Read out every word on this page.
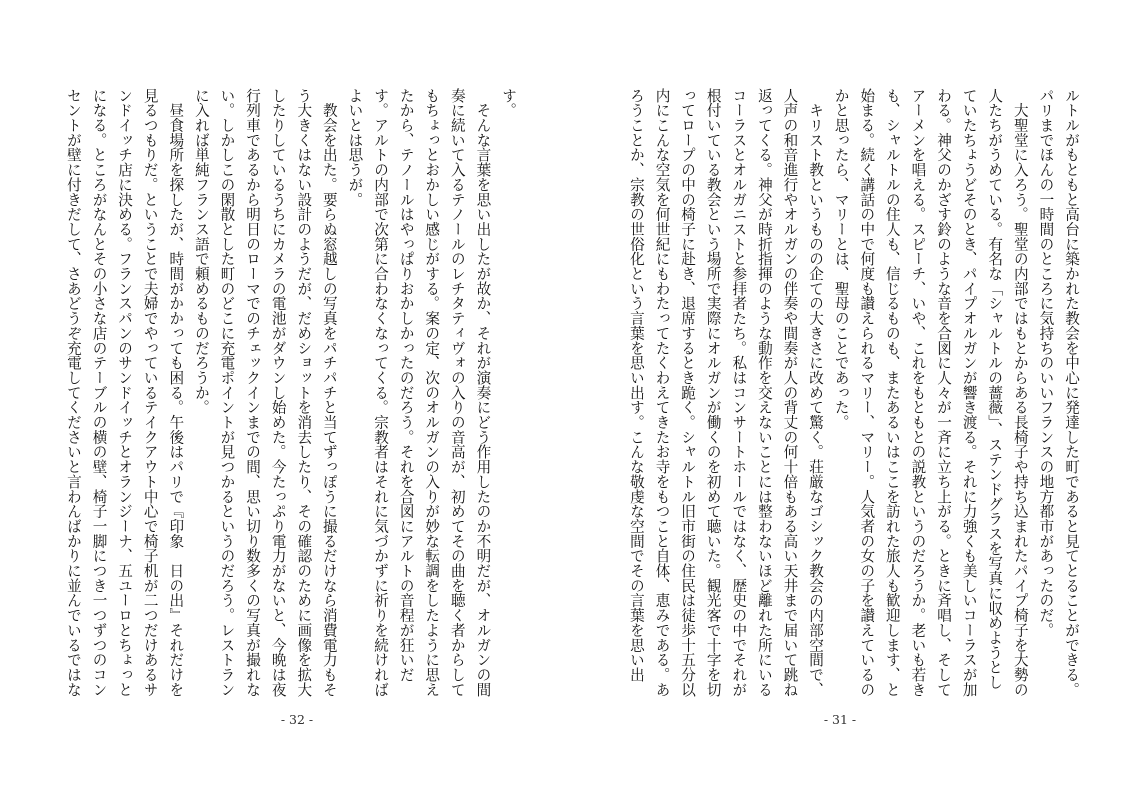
す。

　そんな言葉を思い出したが故か、それが演奏にどう作用したのか不明だが、オルガンの間奏に続いて入るテノールのレチタティヴォの入りの音高が、初めてその曲を聴く者からしてもちょっとおかしい感じがする。案の定、次のオルガンの入りが妙な転調をしたように思えたから、テノールはやっぱりおかしかったのだろう。それを合図にアルトの音程が狂いだす。アルトの内部で次第に合わなくなってくる。宗教者はそれに気づかずに祈りを続ければよいとは思うが。

　教会を出た。要らぬ窓越しの写真をパチパチと当てずっぽうに撮るだけなら消費電力もそう大きくはない設計のようだが、だめショットを消去したり、その確認のために画像を拡大したりしているうちにカメラの電池がダウンし始めた。今たっぷり電力がないと、今晩は夜行列車であるから明日のローマでのチェックインまでの間、思い切り数多くの写真が撮れない。しかしこの閑散とした町のどこに充電ポイントが見つかるというのだろう。レストランに入れば単純フランス語で頼めるものだろうか。

　昼食場所を探したが、時間がかかっても困る。午後はパリで『印象　日の出』それだけを見るつもりだ。ということで夫婦でやっているテイクアウト中心で椅子机が二つだけあるサンドイッチ店に決める。フランスパンのサンドイッチとオランジーナ、五ユーロとちょっとになる。ところがなんとその小さな店のテーブルの横の壁、椅子一脚につき一つずつのコンセントが壁に付きだして、さあどうぞ充電してくださいと言わんばかりに並んでいるではな

- 32 -

ルトルがもともと高台に築かれた教会を中心に発達した町であると見てとることができる。パリまでほんの一時間のところに気持ちのいいフランスの地方都市があったのだ。

　大聖堂に入ろう。聖堂の内部ではもとからある長椅子や持ち込まれたパイプ椅子を大勢の人たちがうめている。有名な「シャルトルの薔薇」、ステンドグラスを写真に収めようとしていたちょうどそのとき、パイプオルガンが響き渡る。それに力強くも美しいコーラスが加わる。神父のかざす鈴のような音を合図に人々が一斉に立ち上がる。ときに斉唱し、そしてアーメンを唱える。スピーチ、いや、これをもともとの説教というのだろうか。老いも若きも、シャルトルの住人も、信じるものも、またあるいはここを訪れた旅人も歓迎します、と始まる。続く講話の中で何度も讃えられるマリー、マリー。人気者の女の子を讃えているのかと思ったら、マリーとは、聖母のことであった。

　キリスト教というものの企ての大きさに改めて驚く。荘厳なゴシック教会の内部空間で、人声の和音進行やオルガンの伴奏や間奏が人の背丈の何十倍もある高い天井まで届いて跳ね返ってくる。神父が時折指揮のような動作を交えないことには整わないほど離れた所にいるコーラスとオルガニストと参拝者たち。私はコンサートホールではなく、歴史の中でそれが根付いている教会という場所で実際にオルガンが働くのを初めて聴いた。観光客で十字を切ってロープの中の椅子に赴き、退席するとき跪く。シャルトル旧市街の住民は徒歩十五分以内にこんな空気を何世紀にもわたってたくわえてきたお寺をもつこと自体、恵みである。あろうことか、宗教の世俗化という言葉を思い出す。こんな敬虔な空間でその言葉を思い出

- 31 -
